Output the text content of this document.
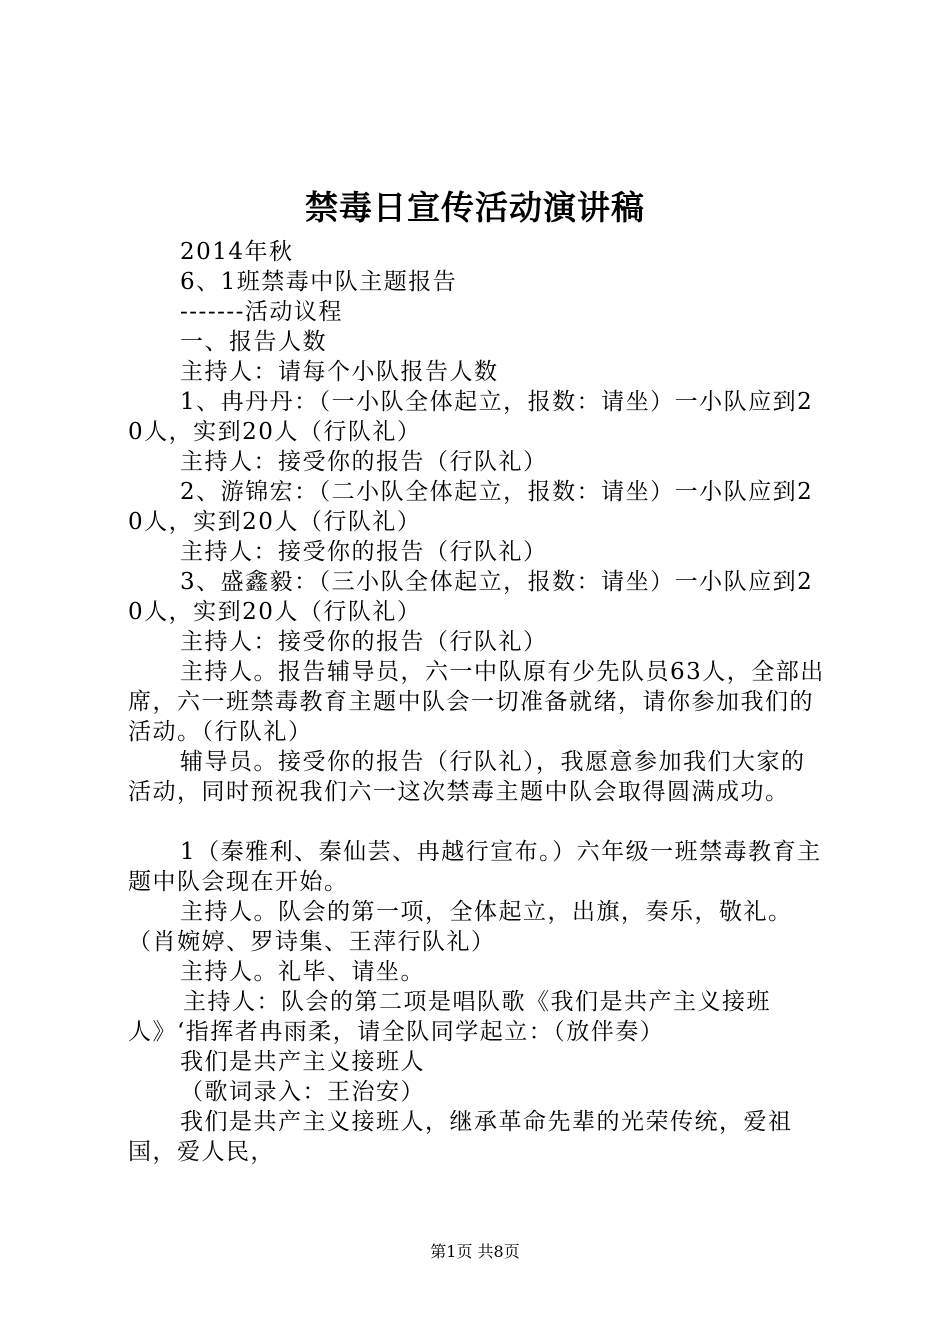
禁毒日宣传活动演讲稿

2014年秋

6、1班禁毒中队主题报告

-------活动议程

一、报告人数

主持人：请每个小队报告人数

1、冉丹丹：（一小队全体起立，报数：请坐）一小队应到20人，实到20人（行队礼）

主持人：接受你的报告（行队礼）

2、游锦宏：（二小队全体起立，报数：请坐）一小队应到20人，实到20人（行队礼）

主持人：接受你的报告（行队礼）

3、盛鑫毅：（三小队全体起立，报数：请坐）一小队应到20人，实到20人（行队礼）

主持人：接受你的报告（行队礼）

主持人。报告辅导员，六一中队原有少先队员63人，全部出席，六一班禁毒教育主题中队会一切准备就绪，请你参加我们的活动。（行队礼）

辅导员。接受你的报告（行队礼），我愿意参加我们大家的活动，同时预祝我们六一这次禁毒主题中队会取得圆满成功。

1（秦雅利、秦仙芸、冉越行宣布。）六年级一班禁毒教育主题中队会现在开始。

主持人。队会的第一项，全体起立，出旗，奏乐，敬礼。（肖婉婷、罗诗集、王萍行队礼）

主持人。礼毕、请坐。

主持人：队会的第二项是唱队歌《我们是共产主义接班人》‘指挥者冉雨柔，请全队同学起立：（放伴奏）

我们是共产主义接班人

（歌词录入：王治安）

我们是共产主义接班人，继承革命先辈的光荣传统，爱祖国，爱人民，

第1页 共8页
